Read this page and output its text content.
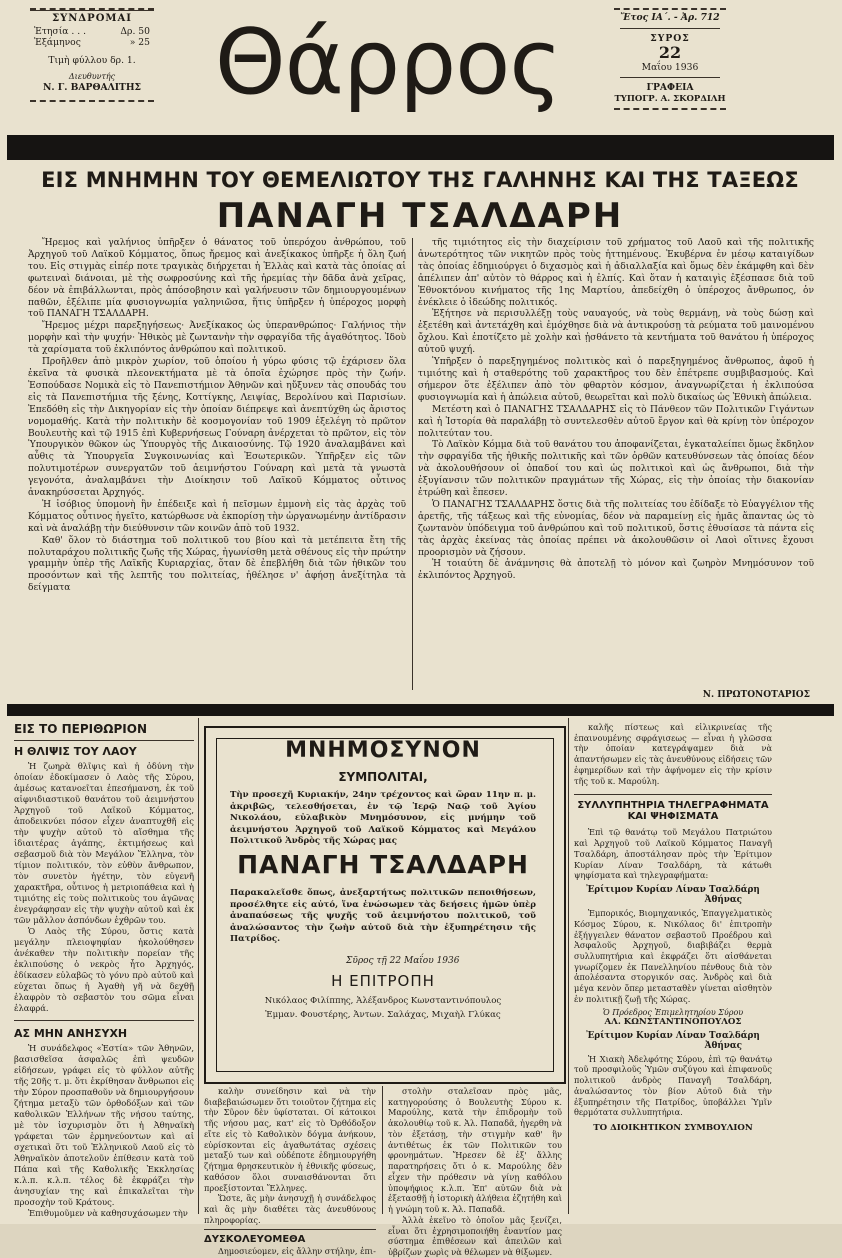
ΣΥΝΔΡΟΜΑΙ
Ἐτησία . . .	Δρ. 50
Ἐξάμηνος	» 25
Τιμὴ φύλλου δρ. 1.
Διευθυντής
Ν. Γ. ΒΑΡΘΑΛΙΤΗΣ Θάρρος	Ἔτος ΙΑ΄. - Ἀρ. 712
ΣΥΡΟΣ
22
Μαΐου 1936
ΓΡΑΦΕΙΑ
ΤΥΠΟΓΡ. Α. ΣΚΟΡΔΙΛΗ
ΕΙΣ ΜΝΗΜΗΝ ΤΟΥ ΘΕΜΕΛΙΩΤΟΥ ΤΗΣ ΓΑΛΗΝΗΣ ΚΑΙ ΤΗΣ ΤΑΞΕΩΣ
ΠΑΝΑΓΗ ΤΣΑΛΔΑΡΗ

Ἤρεμος καὶ γαλήνιος ὑπῆρξεν ὁ θάνατος τοῦ ὑπερόχου ἀνθρώπου, τοῦ Ἀρχηγοῦ τοῦ Λαϊκοῦ Κόμματος, ὅπως ἤρεμος καὶ ἀνεξίκακος ὑπῆρξε ἡ ὅλη ζωή του. Εἰς στιγμὰς εἰπέρ ποτε τραγικὰς διήρχεται ἡ Ἑλλὰς καὶ κατὰ τὰς ὁποίας αἱ φωτειναὶ διάνοιαι, μὲ τὴς σωφροσύνης καὶ τῆς ἠρεμίας τὴν δᾶδα ἀνὰ χεῖρας, δέον νὰ ἐπιβάλλωνται, πρὸς ἀπόσοβησιν καὶ γαλήνευσιν τῶν δημιουργουμένων παθῶν, ἐξέλιπε μία φυσιογνωμία γαληνιῶσα, ἥτις ὑπῆρξεν ἡ ὑπέροχος μορφὴ τοῦ ΠΑΝΑΓΗ ΤΣΑΛΔΑΡΗ.

Ἤρεμος μέχρι παρεξηγήσεως· Ἀνεξίκακος ὡς ὑπερανθρώπος· Γαλήνιος τὴν μορφὴν καὶ τὴν ψυχήν· Ἠθικὸς μὲ ζωντανὴν τὴν σφραγίδα τῆς ἀγαθότητος. Ἰδοὺ τὰ χαρίσματα τοῦ ἐκλιπόντος ἀνθρώπου καὶ πολιτικοῦ.

Προῆλθεν ἀπὸ μικρὸν χωρίον, τοῦ ὁποίου ἡ γύρω φύσις τῷ ἐχάρισεν ὅλα ἐκεῖνα τὰ φυσικὰ πλεονεκτήματα μὲ τὰ ὁποῖα ἐχώρησε πρὸς τὴν ζωήν. Ἐσπούδασε Νομικὰ εἰς τὸ Πανεπιστήμιον Ἀθηνῶν καὶ ηὔξυνεν τὰς σπουδάς του εἰς τὰ Πανεπιστήμια τῆς ξένης, Κοττίγκης, Λειψίας, Βερολίνου καὶ Παρισίων. Ἐπεδόθη εἰς τὴν Δικηγορίαν εἰς τὴν ὁποίαν διέπρεψε καὶ ἀνεπτύχθη ὡς ἄριστος νομομαθής. Κατὰ τὴν πολιτικὴν δὲ κοσμογονίαν τοῦ 1909 ἐξελέγη τὸ πρῶτον Βουλευτὴς καὶ τῷ 1915 ἐπὶ Κυβερνήσεως Γούναρη ἀνέρχεται τὸ πρῶτον, εἰς τὸν Ὑπουργικὸν θῶκον ὡς Ὑπουργὸς τῆς Δικαιοσύνης. Τῷ 1920 ἀναλαμβάνει καὶ αὖθις τὰ Ὑπουργεῖα Συγκοινωνίας καὶ Ἐσωτερικῶν. Ὑπῆρξεν εἰς τῶν πολυτιμοτέρων συνεργατῶν τοῦ ἀειμνήστου Γούναρη καὶ μετὰ τὰ γνωστὰ γεγονότα, ἀναλαμβάνει τὴν Διοίκησιν τοῦ Λαϊκοῦ Κόμματος οὗτινος ἀνακηρύσσεται Ἀρχηγός.

Ἡ ἰσόβιος ὑπομονὴ ἣν ἐπέδειξε καὶ ἡ πεῖσμων ἐμμονὴ εἰς τὰς ἀρχὰς τοῦ Κόμματος οὗτινος ἡγεῖτο, κατώρθωσε νὰ ἐκπορίσῃ τὴν ὠργανωμένην ἀντίδρασιν καὶ νὰ ἀναλάβῃ τὴν διεύθυνσιν τῶν κοινῶν ἀπὸ τοῦ 1932.

Καθ' ὅλον τὸ διάστημα τοῦ πολιτικοῦ του βίου καὶ τὰ μετέπειτα ἔτη τῆς πολυταράχου πολιτικῆς ζωῆς τῆς Χώρας, ἠγωνίσθη μετὰ σθένους εἰς τὴν πρώτην γραμμὴν ὑπὲρ τῆς Λαϊκῆς Κυριαρχίας, ὅταν δὲ ἐπεβλήθη διὰ τῶν ἠθικῶν του προσόντων καὶ τῆς λεπτῆς του πολιτείας, ἠθέλησε ν' ἀφήσῃ ἀνεξίτηλα τὰ δείγματα

τῆς τιμιότητος εἰς τὴν διαχείρισιν τοῦ χρήματος τοῦ Λαοῦ καὶ τῆς πολιτικῆς ἀνωτερότητος τῶν νικητῶν πρὸς τοὺς ἡττημένους. Ἐκυβέρνα ἐν μέσῳ καταιγίδων τὰς ὁποίας ἐδημιούργει ὁ διχασμὸς καὶ ἡ ἀδιαλλαξία καὶ ὅμως δὲν ἐκάμφθη καὶ δὲν ἀπέλιπεν ἀπ' αὐτὸν τὸ θάρρος καὶ ἡ ἐλπίς. Καὶ ὅταν ἡ καταιγὶς ἐξέσπασε διὰ τοῦ Ἐθνοκτόνου κινήματος τῆς 1ης Μαρτίου, ἀπεδείχθη ὁ ὑπέροχος ἄνθρωπος, ὁν ἐνέκλειε ὁ ἰδεώδης πολιτικός.

Ἐξήτησε νὰ περισυλλέξῃ τοὺς ναυαγούς, νὰ τοὺς θερμάνῃ, νὰ τοὺς δώσῃ καὶ ἐξετέθη καὶ ἀντετάχθη καὶ ἐμόχθησε διὰ νὰ ἀντικρούσῃ τὰ ρεύματα τοῦ μαινομένου ὄχλου. Καὶ ἐποτίζετο μὲ χολὴν καὶ ᾐσθάνετο τὰ κεντήματα τοῦ θανάτου ἡ ὑπέροχος αὐτοῦ ψυχή.

Ὑπῆρξεν ὁ παρεξηγημένος πολιτικὸς καὶ ὁ παρεξηγημένος ἄνθρωπος, ἀφοῦ ἡ τιμιότης καὶ ἡ σταθερότης τοῦ χαρακτῆρος του δὲν ἐπέτρεπε συμβιβασμούς. Καὶ σήμερον ὅτε ἐξέλιπεν ἀπὸ τὸν φθαρτὸν κόσμον, ἀναγνωρίζεται ἡ ἐκλιπούσα φυσιογνωμία καὶ ἡ ἀπώλεια αὐτοῦ, θεωρεῖται καὶ πολὺ δικαίως ὡς Ἐθνικὴ ἀπώλεια.

Μετέστη καὶ ὁ ΠΑΝΑΓΗΣ ΤΣΑΛΔΑΡΗΣ εἰς τὸ Πάνθεον τῶν Πολιτικῶν Γιγάντων καὶ ἡ Ἱστορία θὰ παραλάβῃ τὸ συντελεσθὲν αὐτοῦ ἔργον καὶ θὰ κρίνῃ τὸν ὑπέροχον πολιτεύταν του.

Τὸ Λαϊκὸν Κόμμα διὰ τοῦ θανάτου του ἀποφανίζεται, ἐγκαταλείπει ὅμως ἔκδηλον τὴν σφραγίδα τῆς ἠθικῆς πολιτικῆς καὶ τῶν ὀρθῶν κατευθύνσεων τὰς ὁποίας δέον νὰ ἀκολουθήσουν οἱ ὀπαδοί του καὶ ὡς πολιτικοὶ καὶ ὡς ἄνθρωποι, διὰ τὴν ἐξυγίανσιν τῶν πολιτικῶν πραγμάτων τῆς Χώρας, εἰς τὴν ὁποίας τὴν διακονίαν ἐτρώθη καὶ ἔπεσεν.

Ὁ ΠΑΝΑΓΗΣ ΤΣΑΛΔΑΡΗΣ ὅστις διὰ τῆς πολιτείας του ἐδίδαξε τὸ Εὐαγγέλιον τῆς ἀρετῆς, τῆς τάξεως καὶ τῆς εὐνομίας, δέον νὰ παραμείνῃ εἰς ἡμᾶς ἅπαντας ὡς τὸ ζωντανὸν ὑπόδειγμα τοῦ ἀνθρώπου καὶ τοῦ πολιτικοῦ, ὅστις ἐθυσίασε τὰ πάντα εἰς τὰς ἀρχὰς ἐκείνας τὰς ὁποίας πρέπει νὰ ἀκολουθῶσιν οἱ Λαοὶ οἵτινες ἔχουσι προορισμὸν νὰ ζήσουν.

Ἡ τοιαύτη δὲ ἀνάμνησις θὰ ἀποτελῇ τὸ μόνον καὶ ζωηρὸν Μνημόσυνον τοῦ ἐκλιπόντος Ἀρχηγοῦ.

Ν. ΠΡΩΤΟΝΟΤΑΡΙΟΣ
ΕΙΣ ΤΟ ΠΕΡΙΘΩΡΙΟΝ
Η ΘΛΙΨΙΣ ΤΟΥ ΛΑΟΥ

Ἡ ζωηρὰ θλῖψις καὶ ἡ ὁδύνη τὴν ὁποίαν ἐδοκίμασεν ὁ Λαὸς τῆς Σύρου, ἀμέσως κατανοεῖται ἐπεσήμανση, ἐκ τοῦ αἰφνιδιαστικοῦ θανάτου τοῦ ἀειμνήστου Ἀρχηγοῦ τοῦ Λαϊκοῦ Κόμματος, ἀποδεικνύει πόσον εἶχεν ἀναπτυχθῆ εἰς τὴν ψυχὴν αὐτοῦ τὸ αἴσθημα τῆς ἰδιαιτέρας ἀγάπης, ἐκτιμήσεως καὶ σεβασμοῦ διὰ τὸν Μεγάλον Ἕλληνα, τὸν τίμιον πολιτικόν, τὸν εὐθὺν ἄνθρωπον, τὸν συνετὸν ἡγέτην, τὸν εὐγενῆ χαρακτῆρα, οὗτινος ἡ μετριοπάθεια καὶ ἡ τιμιότης εἰς τοὺς πολιτικοὺς του ἀγῶνας ἐνεγράφησαν εἰς τὴν ψυχὴν αὐτοῦ καὶ ἐκ τῶν μᾶλλον ἀσπόνδων ἐχθρῶν του.

Ὁ Λαὸς τῆς Σύρου, ὅστις κατὰ μεγάλην πλειοψηφίαν ἠκολούθησεν ἀνέκαθεν τὴν πολιτικὴν πορείαν τῆς ἐκλιπούσης ὁ νεκρὸς ἦτο Ἀρχηγός, ἐδίκασεν εὐλαβῶς τὸ γόνυ πρὸ αὐτοῦ καὶ εὐχεται ὅπως ἡ Ἀγαθὴ γῆ νὰ δεχθῇ ἐλαφρὸν τὸ σεβαστὸν του σῶμα εἶναι ἐλαφρά.

ΑΣ ΜΗΝ ΑΝΗΣΥΧΗ

Ἡ συνάδελφος «Ἑστία» τῶν Ἀθηνῶν, βασισθεῖσα ἀσφαλῶς ἐπὶ ψευδῶν εἰδήσεων, γράφει εἰς τὸ φύλλον αὐτῆς τῆς 20ῆς τ. μ. ὅτι ἐκρίθησαν ἄνθρωποι εἰς τὴν Σύρον προσπαθοῦν νὰ δημιουργήσουν ζήτημα μεταξὺ τῶν ὀρθοδόξων καὶ τῶν καθολικῶν Ἑλλήνων τῆς νήσου ταύτης, μὲ τὸν ἰσχυρισμὸν ὅτι ἡ Ἀθηναϊκὴ γράφεται τῶν ἑρμηνεύοντων καὶ αἱ σχετικαὶ ὅτι τοῦ Ἑλληνικοῦ Λαοῦ εἰς τὸ Ἀθηναϊκὸν ἀποτελοῦν ἐπίθεσιν κατὰ τοῦ Πάπα καὶ τῆς Καθολικῆς Ἐκκλησίας κ.λ.π. κ.λ.π. τέλος δὲ ἐκφράζει τὴν ἀνησυχίαν της καὶ ἐπικαλεῖται τὴν προσοχὴν τοῦ Κράτους.

Ἐπιθυμοῦμεν νὰ καθησυχάσωμεν τὴν

ΜΝΗΜΟΣΥΝΟΝ
ΣΥΜΠΟΛΙΤΑΙ,
Τὴν προσεχῆ Κυριακήν, 24ην τρέχοντος καὶ ὥραν 11ην π. μ. ἀκριβῶς, τελεσθήσεται, ἐν τῷ Ἱερῷ Ναῷ τοῦ Ἁγίου Νικολάου, εὐλαβικὸν Μνημόσυνον, εἰς μνήμην τοῦ ἀειμνήστου Ἀρχηγοῦ τοῦ Λαϊκοῦ Κόμματος καὶ Μεγάλου Πολιτικοῦ Ἀνδρὸς τῆς Χώρας μας
ΠΑΝΑΓΗ ΤΣΑΛΔΑΡΗ
Παρακαλεῖσθε ὅπως, ἀνεξαρτήτως πολιτικῶν πεποιθήσεων, προσέλθητε εἰς αὐτό, ἵνα ἑνώσωμεν τὰς δεήσεις ἡμῶν ὑπὲρ ἀναπαύσεως τῆς ψυχῆς τοῦ ἀειμνήστου πολιτικοῦ, τοῦ ἀναλώσαντος τὴν ζωὴν αὐτοῦ διὰ τὴν ἐξυπηρέτησιν τῆς Πατρίδος.
Σῦρος τῇ 22 Μαΐου 1936
Η ΕΠΙΤΡΟΠΗ
Νικόλαος Φιλίππης, Ἀλέξανδρος Κωνσταντινόπουλος
Ἐμμαν. Φουστέρης, Ἀντων. Σαλάχας, Μιχαὴλ Γλύκας

καλὴν συνείδησιν καὶ νὰ τὴν διαβεβαιώσωμεν ὅτι τοιοῦτον ζήτημα εἰς τὴν Σῦρον δὲν ὑφίσταται. Οἱ κάτοικοι τῆς νήσου μας, κατ' εἰς τὸ Ὀρθόδοξον εἴτε εἰς τὸ Καθολικὸν δόγμα ἀνήκουν, εὑρίσκονται εἰς ἀγαθωτάτας σχέσεις μεταξύ των καὶ οὐδέποτε ἐδημιουργήθη ζήτημα θρησκευτικὸν ἡ ἐθνικῆς φύσεως, καθόσον ὅλοι συναισθάνονται ὅτι προεξίστονται Ἕλληνες.

Ὥστε, ἂς μὴν ἀνησυχῇ ἡ συνάδελφος καὶ ἂς μὴν διαθέτει τὰς ἀνευθύνους πληροφορίας.

ΔΥΣΚΟΛΕΥΟΜΕΘΑ

Δημοσιεύομεν, εἰς ἄλλην στήλην, ἐπι-

στολὴν σταλεῖσαν πρὸς μᾶς, κατηγορούσης ὁ Βουλευτὴς Σύρου κ. Μαρούλης, κατὰ τὴν ἐπιδρομὴν τοῦ ἀκολουθίῳ τοῦ κ. Ἀλ. Παπαδᾶ, ἠγερθη νὰ τὸν ἐξετάσῃ, τὴν στιγμὴν καθ' ἣν ἀντιθέτως ἐκ τῶν Πολιτικῶν του φρονημάτων. Ἤρεσεν δὲ ἐξ' ἄλλης παρατηρήσεις ὅτι ὁ κ. Μαρούλης δὲν εἶχεν τὴν πρόθεσιν νὰ γίνῃ καθόλου ὑποψήφιος κ.λ.π. Ἐπ' αὐτῶν διὰ νὰ ἐξετασθῇ ἡ ἱστορικὴ ἀλήθεια ἐζητήθη καὶ ἡ γνώμη τοῦ κ. Ἀλ. Παπαδᾶ.

Ἀλλὰ ἐκεῖνο τὸ ὁποῖον μᾶς ξενίζει, εἶναι ὅτι ἐχρησιμοποιήθη ἐναντίον μας σύστημα ἐπιθέσεων καὶ ἀπειλῶν καὶ ὑβρίζων χωρὶς νὰ θέλωμεν νὰ θίξωμεν.

καλῆς πίστεως καὶ εἰλικρινείας τῆς ἐπαινουμένης σφράγισεως — εἶναι ἡ γλῶσσα τὴν ὁποίαν κατεγράψαμεν διὰ νὰ ἀπαντήσωμεν εἰς τὰς ἀνευθύνους εἰδήσεις τῶν ἐφημερίδων καὶ τὴν ἀφήνομεν εἰς τὴν κρίσιν τῆς τοῦ κ. Μαρούλη.

ΣΥΛΛΥΠΗΤΗΡΙΑ ΤΗΛΕΓΡΑΦΗΜΑΤΑ
ΚΑΙ ΨΗΦΙΣΜΑΤΑ

Ἐπὶ τῷ θανάτῳ τοῦ Μεγάλου Πατριώτου καὶ Ἀρχηγοῦ τοῦ Λαϊκοῦ Κόμματος Παναγῆ Τσαλδάρη, ἀποστάλησαν πρὸς τὴν Ἐρίτιμον Κυρίαν Λίναν Τσαλδάρη, τὰ κάτωθι ψηφίσματα καὶ τηλεγραφήματα:

Ἐρίτιμον Κυρίαν Λίναν Τσαλδάρη
Ἀθήνας

Ἐμπορικός, Βιομηχανικός, Ἐπαγγελματικὸς Κόσμος Σύρου, κ. Νικόλαος δι' ἐπιτροπὴν ἐξήγγειλεν θάνατον σεβαστοῦ Προέδρου καὶ Ἀσφαλοῦς Ἀρχηγοῦ, διαβιβάζει θερμὰ συλλυπητήρια καὶ ἐκφράζει ὅτι αἰσθάνεται γνωρίζομεν ἐκ Πανελληνίου πένθους διὰ τὸν ἀπολέσαντα στοργικόν σας. Ἀνδρὸς καὶ διὰ μέγα κενὸν ὅπερ μετασταθὲν γίνεται αἰσθητὸν ἐν πολιτικῇ ζωῇ τῆς Χώρας.

Ὁ Πρόεδρος Ἐπιμελητηρίου Σύρου
ΑΛ. ΚΩΝΣΤΑΝΤΙΝΟΠΟΥΛΟΣ
Ἐρίτιμον Κυρίαν Λίναν Τσαλδάρη
Ἀθήνας

Ἡ Χιακὴ Ἀδελφότης Σύρου, ἐπὶ τῷ θανάτῳ τοῦ προσφιλοῦς Ὑμῶν συζύγου καὶ ἐπιφανοῦς πολιτικοῦ ἀνδρὸς Παναγῆ Τσαλδάρη, ἀναλώσαντος τὸν βίον Αὐτοῦ διὰ τὴν ἐξυπηρέτησιν τῆς Πατρίδος, ὑποβάλλει Ὑμῖν θερμότατα συλλυπητήρια.

ΤΟ ΔΙΟΙΚΗΤΙΚΟΝ ΣΥΜΒΟΥΛΙΟΝ
